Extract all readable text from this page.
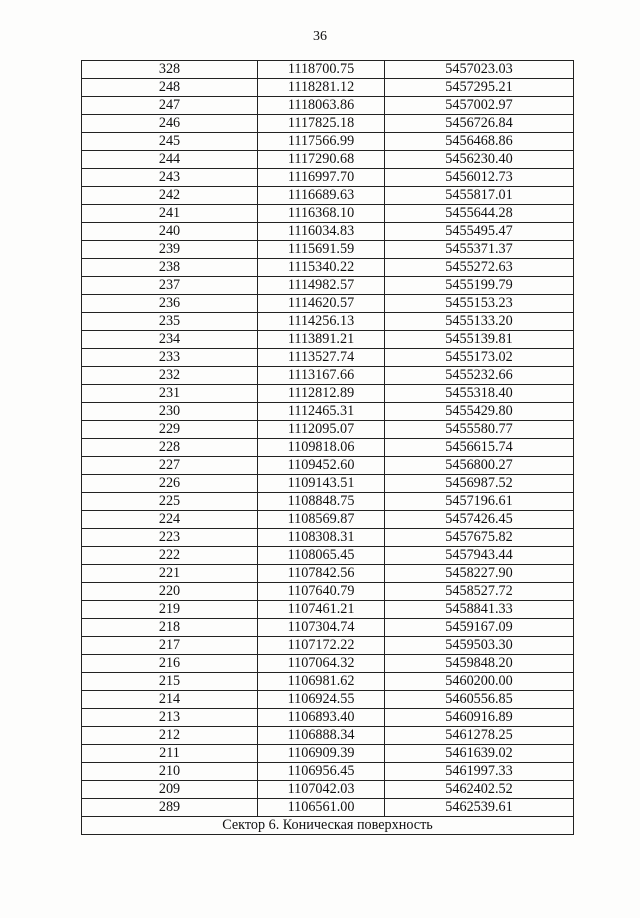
36
328	1118700.75	5457023.03
248	1118281.12	5457295.21
247	1118063.86	5457002.97
246	1117825.18	5456726.84
245	1117566.99	5456468.86
244	1117290.68	5456230.40
243	1116997.70	5456012.73
242	1116689.63	5455817.01
241	1116368.10	5455644.28
240	1116034.83	5455495.47
239	1115691.59	5455371.37
238	1115340.22	5455272.63
237	1114982.57	5455199.79
236	1114620.57	5455153.23
235	1114256.13	5455133.20
234	1113891.21	5455139.81
233	1113527.74	5455173.02
232	1113167.66	5455232.66
231	1112812.89	5455318.40
230	1112465.31	5455429.80
229	1112095.07	5455580.77
228	1109818.06	5456615.74
227	1109452.60	5456800.27
226	1109143.51	5456987.52
225	1108848.75	5457196.61
224	1108569.87	5457426.45
223	1108308.31	5457675.82
222	1108065.45	5457943.44
221	1107842.56	5458227.90
220	1107640.79	5458527.72
219	1107461.21	5458841.33
218	1107304.74	5459167.09
217	1107172.22	5459503.30
216	1107064.32	5459848.20
215	1106981.62	5460200.00
214	1106924.55	5460556.85
213	1106893.40	5460916.89
212	1106888.34	5461278.25
211	1106909.39	5461639.02
210	1106956.45	5461997.33
209	1107042.03	5462402.52
289	1106561.00	5462539.61
Сектор 6. Коническая поверхность		
